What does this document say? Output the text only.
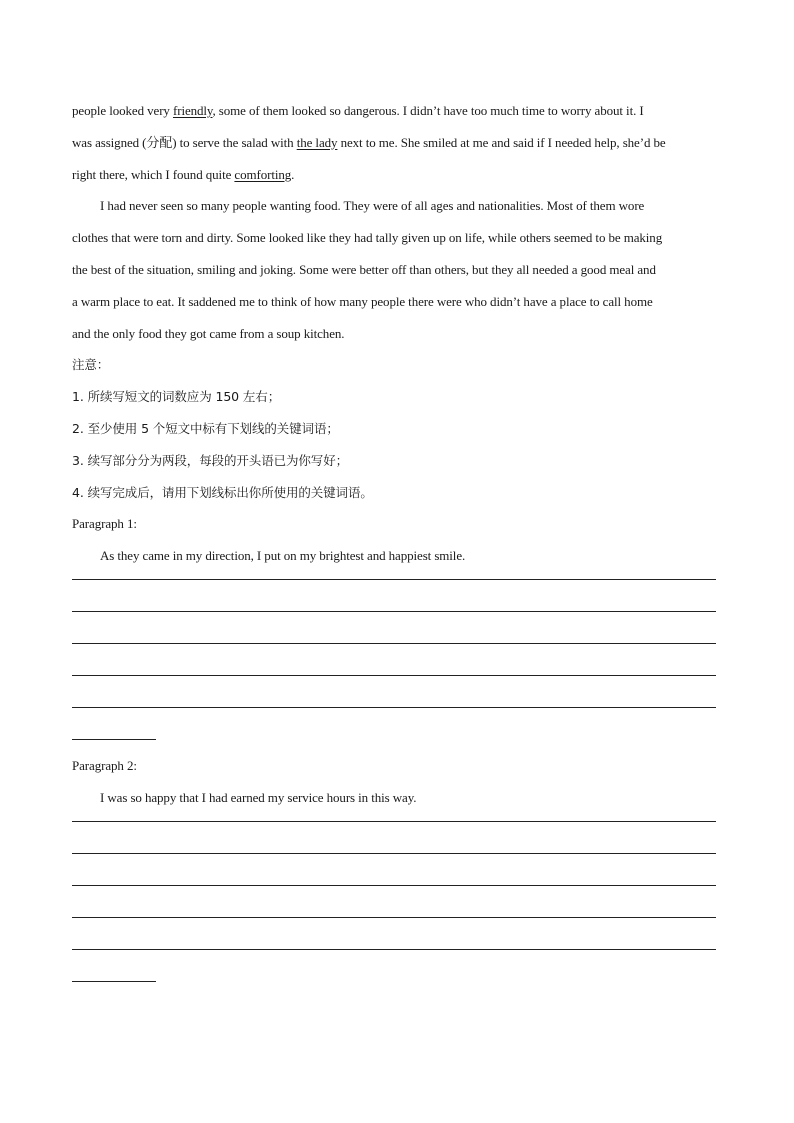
people looked very friendly, some of them looked so dangerous. I didn’t have too much time to worry about it. I
was assigned (分配) to serve the salad with the lady next to me. She smiled at me and said if I needed help, she’d be
right there, which I found quite comforting.
I had never seen so many people wanting food. They were of all ages and nationalities. Most of them wore
clothes that were torn and dirty. Some looked like they had tally given up on life, while others seemed to be making
the best of the situation, smiling and joking. Some were better off than others, but they all needed a good meal and
a warm place to eat. It saddened me to think of how many people there were who didn’t have a place to call home
and the only food they got came from a soup kitchen.
注意：
1. 所续写短文的词数应为 150 左右；
2. 至少使用 5 个短文中标有下划线的关键词语；
3. 续写部分分为两段，每段的开头语已为你写好；
4. 续写完成后，请用下划线标出你所使用的关键词语。
Paragraph 1:
As they came in my direction, I put on my brightest and happiest smile.
Paragraph 2:
I was so happy that I had earned my service hours in this way.
